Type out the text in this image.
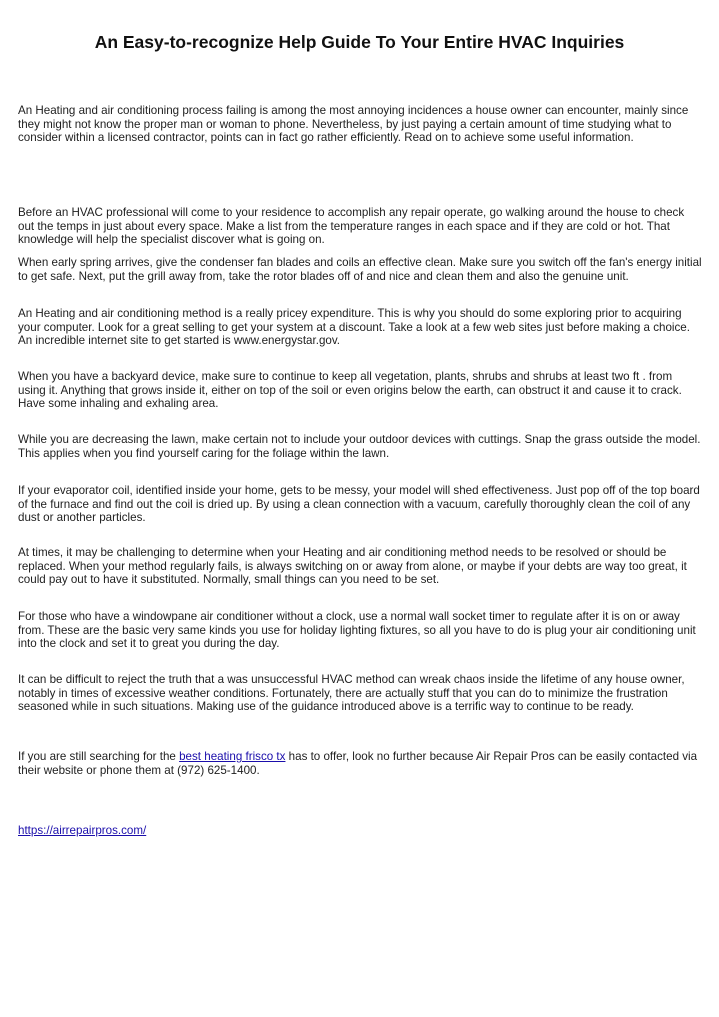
An Easy-to-recognize Help Guide To Your Entire HVAC Inquiries

An Heating and air conditioning process failing is among the most annoying incidences a house owner can encounter, mainly since they might not know the proper man or woman to phone. Nevertheless, by just paying a certain amount of time studying what to consider within a licensed contractor, points can in fact go rather efficiently. Read on to achieve some useful information.

Before an HVAC professional will come to your residence to accomplish any repair operate, go walking around the house to check out the temps in just about every space. Make a list from the temperature ranges in each space and if they are cold or hot. That knowledge will help the specialist discover what is going on.

When early spring arrives, give the condenser fan blades and coils an effective clean. Make sure you switch off the fan's energy initial to get safe. Next, put the grill away from, take the rotor blades off of and nice and clean them and also the genuine unit.

An Heating and air conditioning method is a really pricey expenditure. This is why you should do some exploring prior to acquiring your computer. Look for a great selling to get your system at a discount. Take a look at a few web sites just before making a choice. An incredible internet site to get started is www.energystar.gov.

When you have a backyard device, make sure to continue to keep all vegetation, plants, shrubs and shrubs at least two ft . from using it. Anything that grows inside it, either on top of the soil or even origins below the earth, can obstruct it and cause it to crack. Have some inhaling and exhaling area.

While you are decreasing the lawn, make certain not to include your outdoor devices with cuttings. Snap the grass outside the model. This applies when you find yourself caring for the foliage within the lawn.

If your evaporator coil, identified inside your home, gets to be messy, your model will shed effectiveness. Just pop off of the top board of the furnace and find out the coil is dried up. By using a clean connection with a vacuum, carefully thoroughly clean the coil of any dust or another particles.

At times, it may be challenging to determine when your Heating and air conditioning method needs to be resolved or should be replaced. When your method regularly fails, is always switching on or away from alone, or maybe if your debts are way too great, it could pay out to have it substituted. Normally, small things can you need to be set.

For those who have a windowpane air conditioner without a clock, use a normal wall socket timer to regulate after it is on or away from. These are the basic very same kinds you use for holiday lighting fixtures, so all you have to do is plug your air conditioning unit into the clock and set it to great you during the day.

It can be difficult to reject the truth that a was unsuccessful HVAC method can wreak chaos inside the lifetime of any house owner, notably in times of excessive weather conditions. Fortunately, there are actually stuff that you can do to minimize the frustration seasoned while in such situations. Making use of the guidance introduced above is a terrific way to continue to be ready.

If you are still searching for the best heating frisco tx has to offer, look no further because Air Repair Pros can be easily contacted via their website or phone them at (972) 625-1400.

https://airrepairpros.com/
